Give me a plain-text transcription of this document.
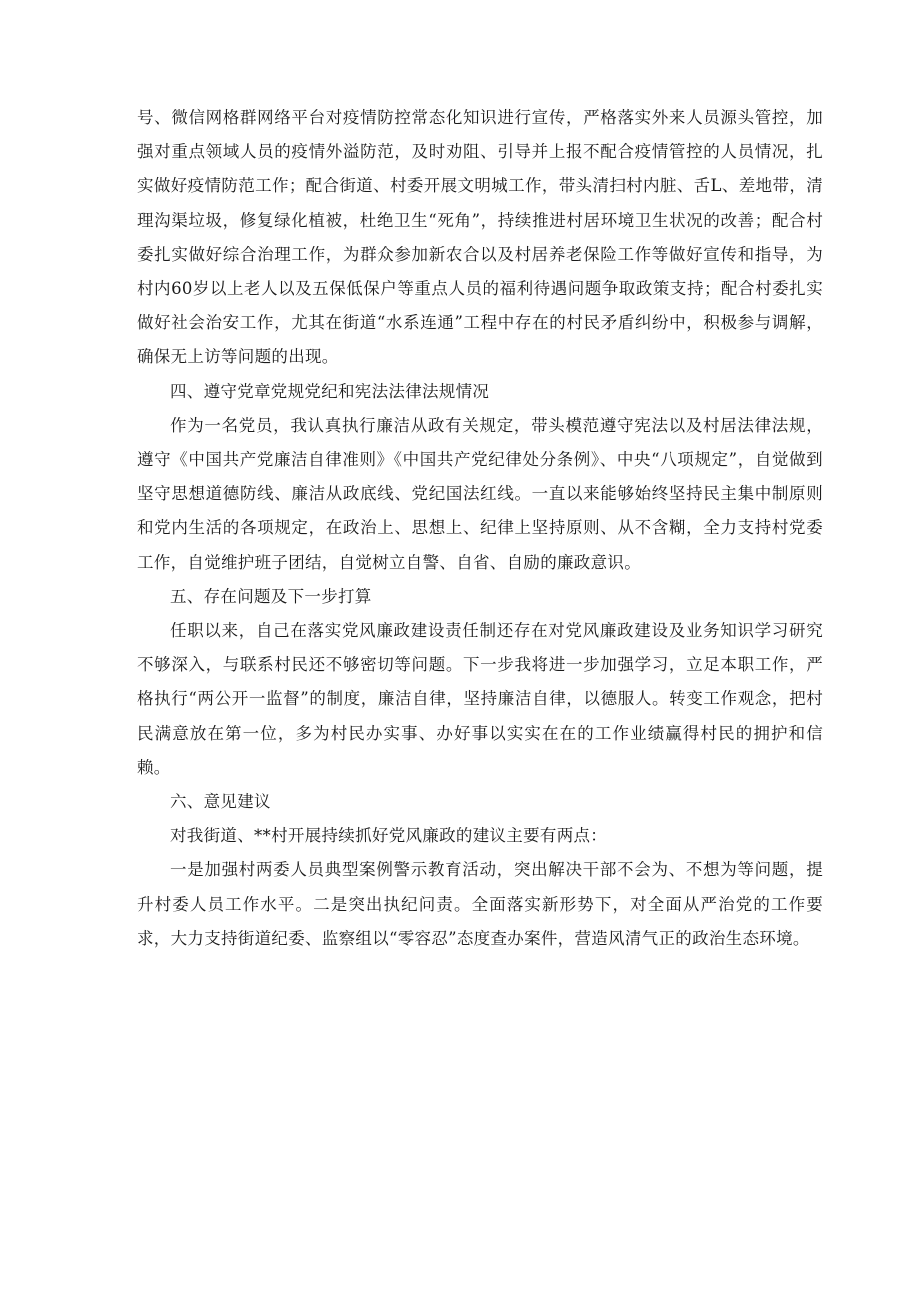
号、微信网格群网络平台对疫情防控常态化知识进行宣传，严格落实外来人员源头管控，加强对重点领域人员的疫情外溢防范，及时劝阻、引导并上报不配合疫情管控的人员情况，扎实做好疫情防范工作；配合街道、村委开展文明城工作，带头清扫村内脏、舌L、差地带，清理沟渠垃圾，修复绿化植被，杜绝卫生“死角”，持续推进村居环境卫生状况的改善；配合村委扎实做好综合治理工作，为群众参加新农合以及村居养老保险工作等做好宣传和指导，为村内60岁以上老人以及五保低保户等重点人员的福利待遇问题争取政策支持；配合村委扎实做好社会治安工作，尤其在街道“水系连通”工程中存在的村民矛盾纠纷中，积极参与调解，确保无上访等问题的出现。

四、遵守党章党规党纪和宪法法律法规情况

作为一名党员，我认真执行廉洁从政有关规定，带头模范遵守宪法以及村居法律法规，遵守《中国共产党廉洁自律准则》《中国共产党纪律处分条例》、中央“八项规定”，自觉做到坚守思想道德防线、廉洁从政底线、党纪国法红线。一直以来能够始终坚持民主集中制原则和党内生活的各项规定，在政治上、思想上、纪律上坚持原则、从不含糊，全力支持村党委工作，自觉维护班子团结，自觉树立自警、自省、自励的廉政意识。

五、存在问题及下一步打算

任职以来，自己在落实党风廉政建设责任制还存在对党风廉政建设及业务知识学习研究不够深入，与联系村民还不够密切等问题。下一步我将进一步加强学习，立足本职工作，严格执行“两公开一监督”的制度，廉洁自律，坚持廉洁自律，以德服人。转变工作观念，把村民满意放在第一位，多为村民办实事、办好事以实实在在的工作业绩赢得村民的拥护和信赖。

六、意见建议

对我街道、**村开展持续抓好党风廉政的建议主要有两点：

一是加强村两委人员典型案例警示教育活动，突出解决干部不会为、不想为等问题，提升村委人员工作水平。二是突出执纪问责。全面落实新形势下，对全面从严治党的工作要求，大力支持街道纪委、监察组以“零容忍”态度查办案件，营造风清气正的政治生态环境。
